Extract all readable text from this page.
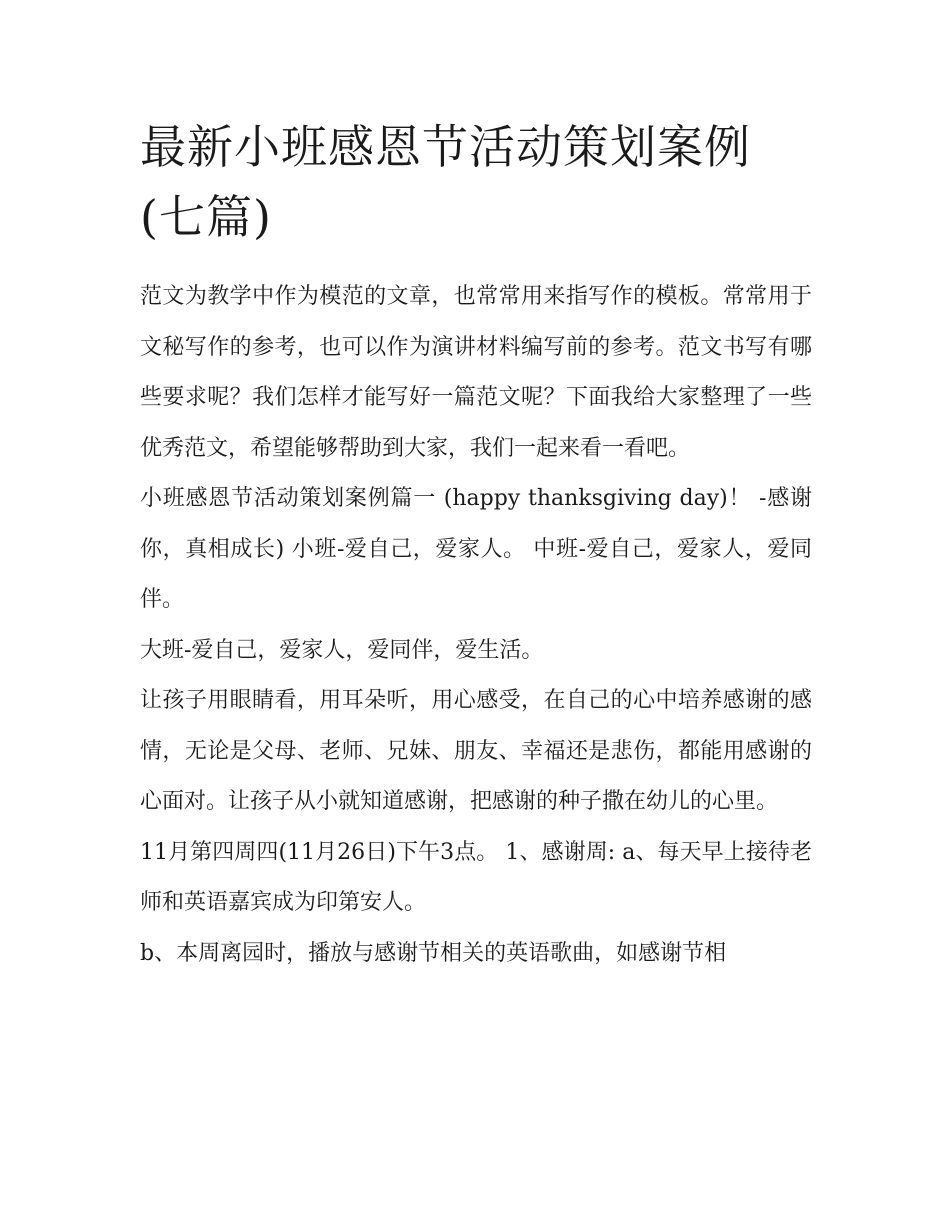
最新小班感恩节活动策划案例(七篇)

范文为教学中作为模范的文章，也常常用来指写作的模板。常常用于文秘写作的参考，也可以作为演讲材料编写前的参考。范文书写有哪些要求呢？我们怎样才能写好一篇范文呢？下面我给大家整理了一些优秀范文，希望能够帮助到大家，我们一起来看一看吧。

小班感恩节活动策划案例篇一 (happy thanksgiving day)！ -感谢你，真相成长) 小班-爱自己，爱家人。 中班-爱自己，爱家人，爱同伴。

大班-爱自己，爱家人，爱同伴，爱生活。

让孩子用眼睛看，用耳朵听，用心感受，在自己的心中培养感谢的感情，无论是父母、老师、兄妹、朋友、幸福还是悲伤，都能用感谢的心面对。让孩子从小就知道感谢，把感谢的种子撒在幼儿的心里。

11月第四周四(11月26日)下午3点。 1、感谢周: a、每天早上接待老师和英语嘉宾成为印第安人。

b、本周离园时，播放与感谢节相关的英语歌曲，如感谢节相
